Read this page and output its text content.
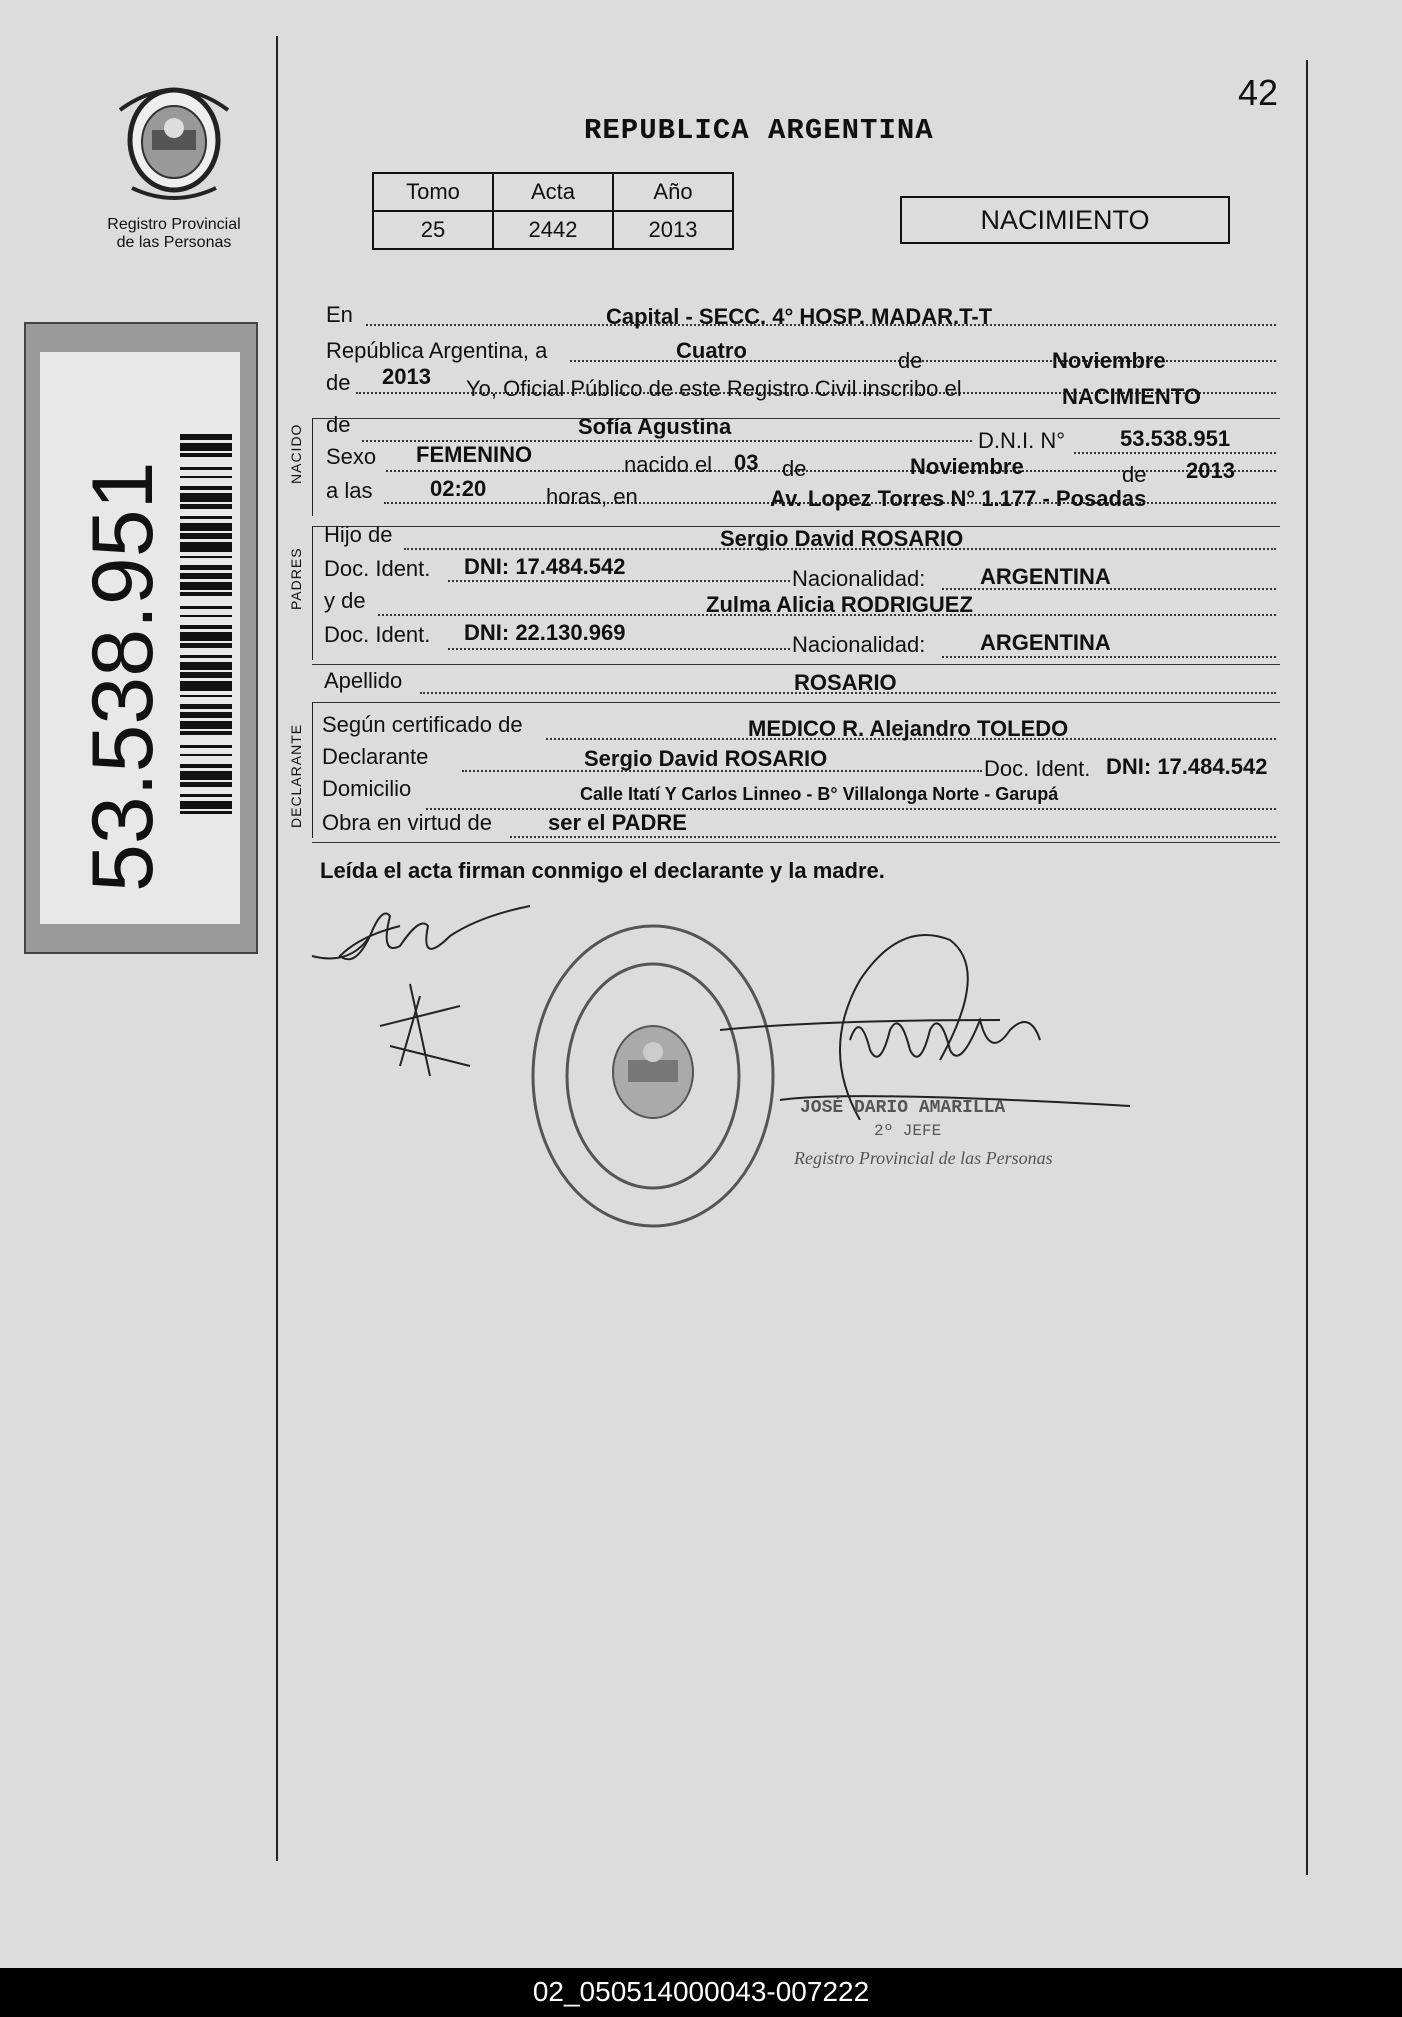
Registro Provincial
de las Personas
53.538.951
42
REPUBLICA ARGENTINA
Tomo	Acta	Año
25	2442	2013	NACIMIENTO
En	Capital - SECC. 4° HOSP. MADAR.T-T
República Argentina, a	Cuatro	de	Noviembre
de 2013 Yo, Oficial Público de este Registro Civil inscribo el	NACIMIENTO
NACIDO de	Sofía Agustina
D.N.I. N° 53.538.951
Sexo FEMENINO	nacido el 03 de	Noviembre	de 2013
a las	02:20	horas, en	Av. Lopez Torres N° 1.177 - Posadas
PADRES
Hijo de	Sergio David ROSARIO
Doc. Ident. DNI: 17.484.542	Nacionalidad: ARGENTINA
y de	Zulma Alicia RODRIGUEZ
Doc. Ident. DNI: 22.130.969	Nacionalidad: ARGENTINA
Apellido	ROSARIO
DECLARANTE Según certificado de	MEDICO R. Alejandro TOLEDO
Declarante	Sergio David ROSARIO	Doc. Ident. DNI: 17.484.542
Domicilio	Calle Itatí Y Carlos Linneo - B° Villalonga Norte - Garupá
Obra en virtud de	ser el PADRE
Leída el acta firman conmigo el declarante y la madre.
JOSÉ DARIO AMARILLA
2º JEFE
Registro Provincial de las Personas
02_050514000043-007222
